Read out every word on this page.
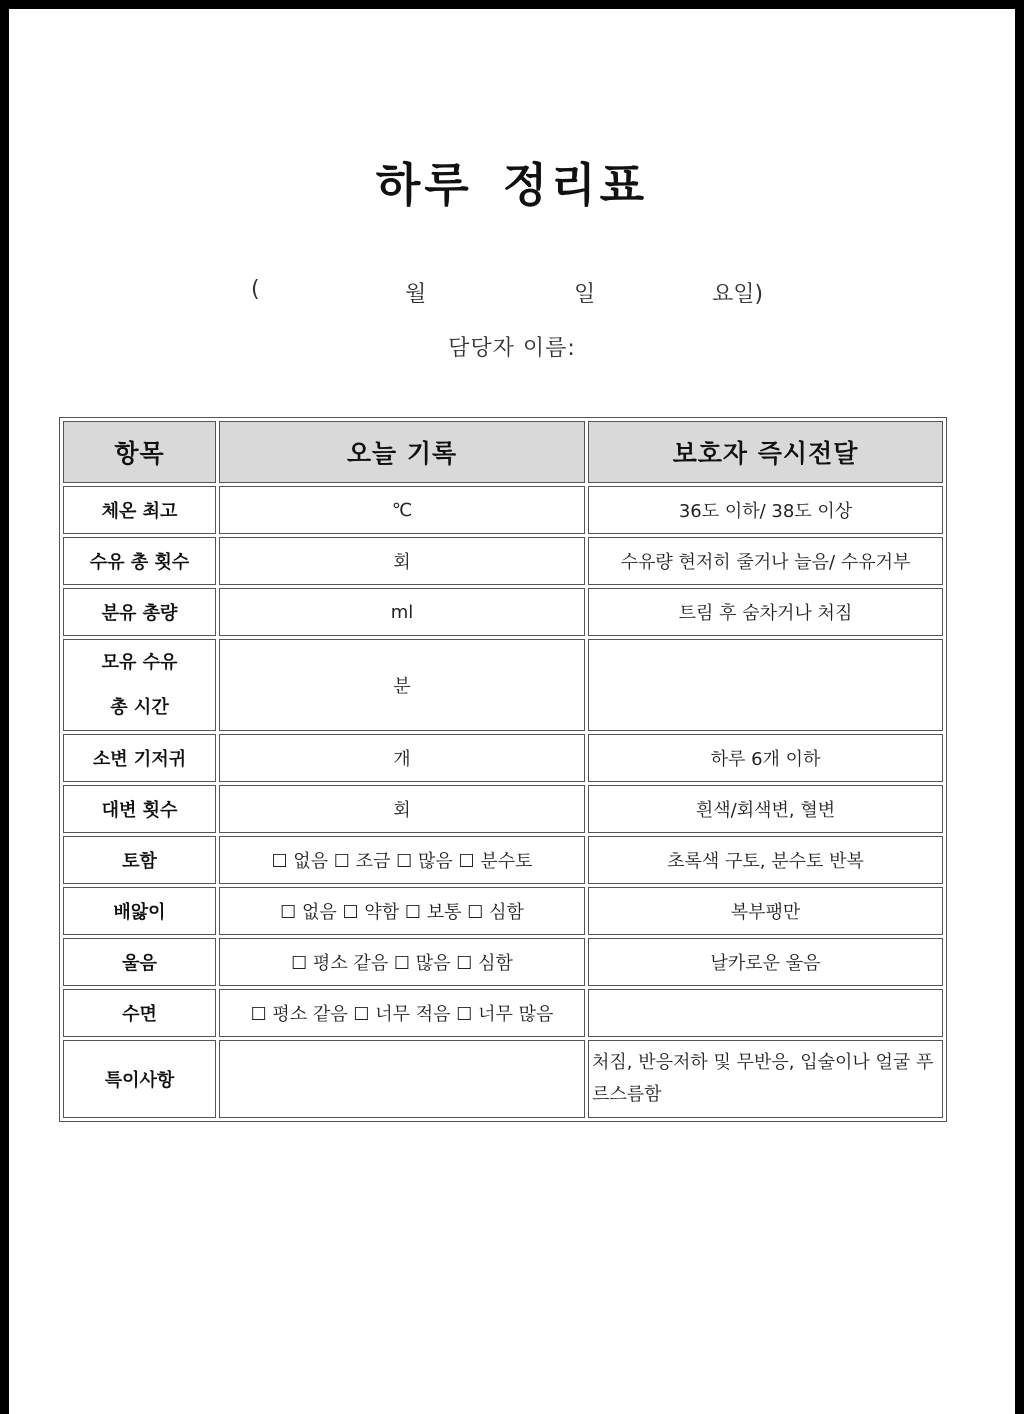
하루 정리표
(	월	일	요일)
담당자 이름:
항목	오늘 기록	보호자 즉시전달
체온 최고	℃	36도 이하/ 38도 이상
수유 총 횟수	회	수유량 현저히 줄거나 늘음/ 수유거부
분유 총량	ml	트림 후 숨차거나 처짐

모유 수유
총 시간	분	
소변 기저귀	개	하루 6개 이하
대변 횟수	회	흰색/회색변, 혈변
토함	☐ 없음 ☐ 조금 ☐ 많음 ☐ 분수토	초록색 구토, 분수토 반복
배앓이	☐ 없음 ☐ 약함 ☐ 보통 ☐ 심함	복부팽만
울음	☐ 평소 같음 ☐ 많음 ☐ 심함	날카로운 울음
수면	☐ 평소 같음 ☐ 너무 적음 ☐ 너무 많음	
특이사항		처짐, 반응저하 및 무반응, 입술이나 얼굴 푸르스름함
